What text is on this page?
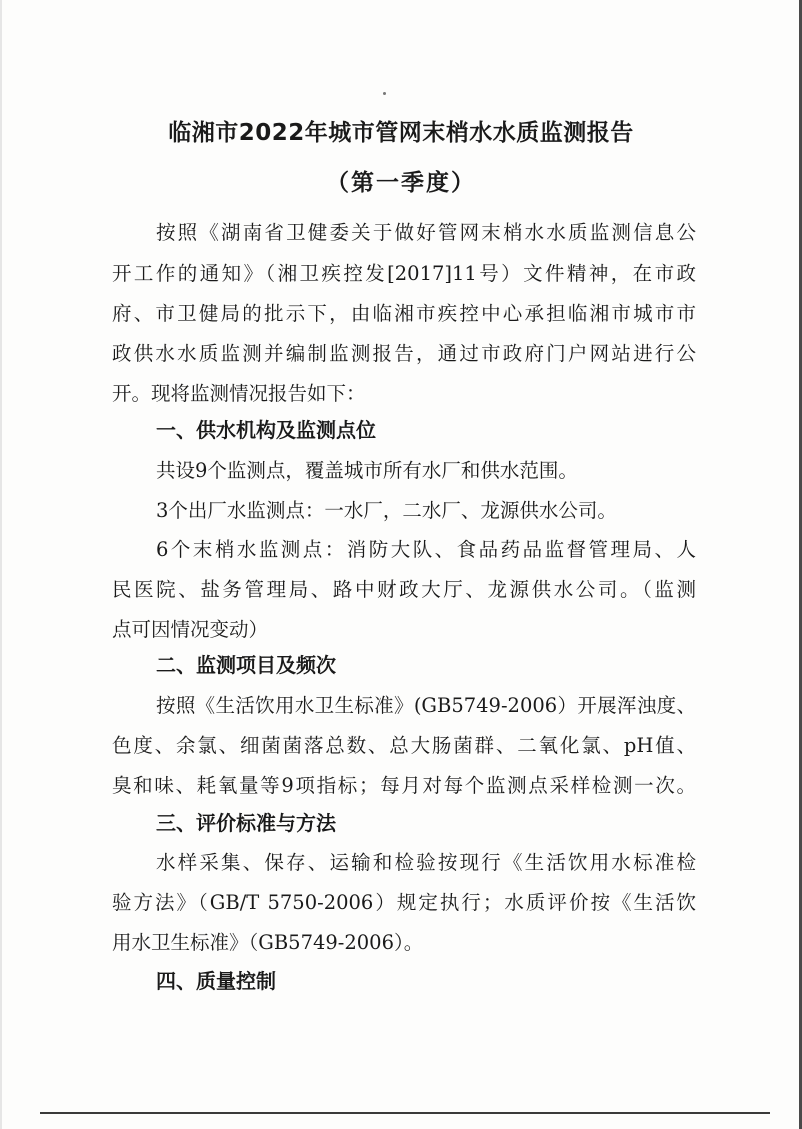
临湘市2022年城市管网末梢水水质监测报告
（第一季度）

按照《湖南省卫健委关于做好管网末梢水水质监测信息公

开工作的通知》（湘卫疾控发[2017]11号）文件精神，在市政

府、市卫健局的批示下，由临湘市疾控中心承担临湘市城市市

政供水水质监测并编制监测报告，通过市政府门户网站进行公

开。现将监测情况报告如下：

一、供水机构及监测点位

共设9个监测点，覆盖城市所有水厂和供水范围。

3个出厂水监测点：一水厂，二水厂、龙源供水公司。

6个末梢水监测点：消防大队、食品药品监督管理局、人

民医院、盐务管理局、路中财政大厅、龙源供水公司。（监测

点可因情况变动）

二、监测项目及频次

按照《生活饮用水卫生标准》(GB5749-2006）开展浑浊度、

色度、余氯、细菌菌落总数、总大肠菌群、二氧化氯、pH值、

臭和味、耗氧量等9项指标；每月对每个监测点采样检测一次。

三、评价标准与方法

水样采集、保存、运输和检验按现行《生活饮用水标准检

验方法》（GB/T 5750-2006）规定执行；水质评价按《生活饮

用水卫生标准》（GB5749-2006）。

四、质量控制
